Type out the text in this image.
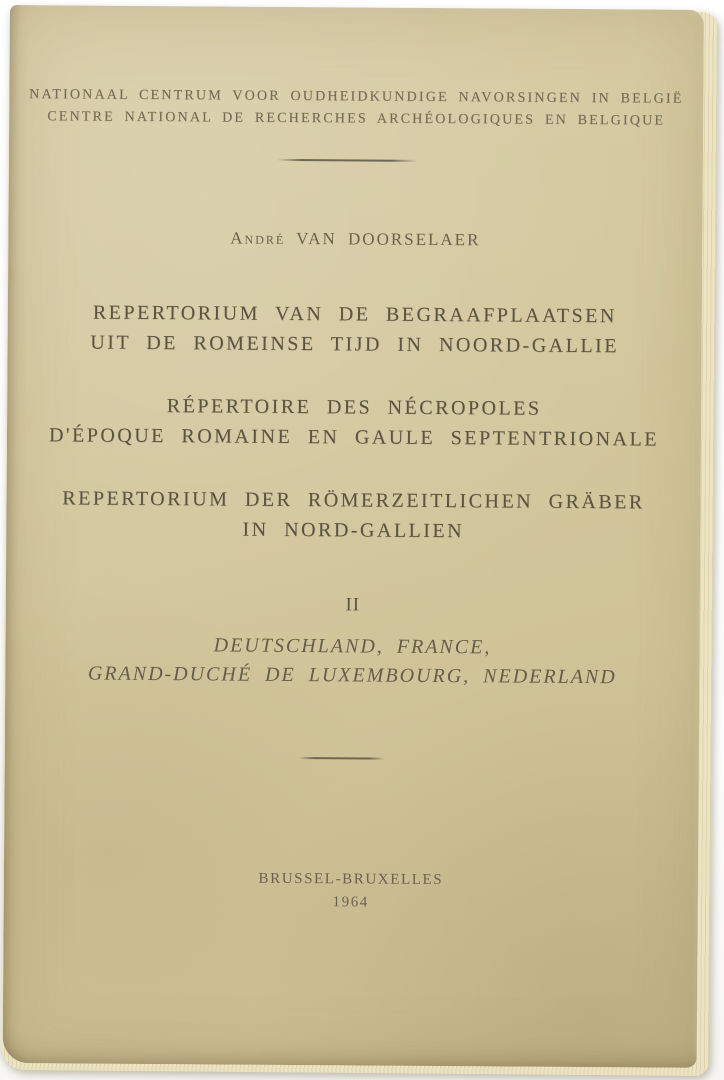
NATIONAAL CENTRUM VOOR OUDHEIDKUNDIGE NAVORSINGEN IN BELGIË
CENTRE NATIONAL DE RECHERCHES ARCHÉOLOGIQUES EN BELGIQUE
André VAN DOORSELAER
REPERTORIUM VAN DE BEGRAAFPLAATSEN
UIT DE ROMEINSE TIJD IN NOORD-GALLIE
RÉPERTOIRE DES NÉCROPOLES
D'ÉPOQUE ROMAINE EN GAULE SEPTENTRIONALE
REPERTORIUM DER RÖMERZEITLICHEN GRÄBER
IN NORD-GALLIEN
II
DEUTSCHLAND, FRANCE,
GRAND-DUCHÉ DE LUXEMBOURG, NEDERLAND
BRUSSEL-BRUXELLES
1964
